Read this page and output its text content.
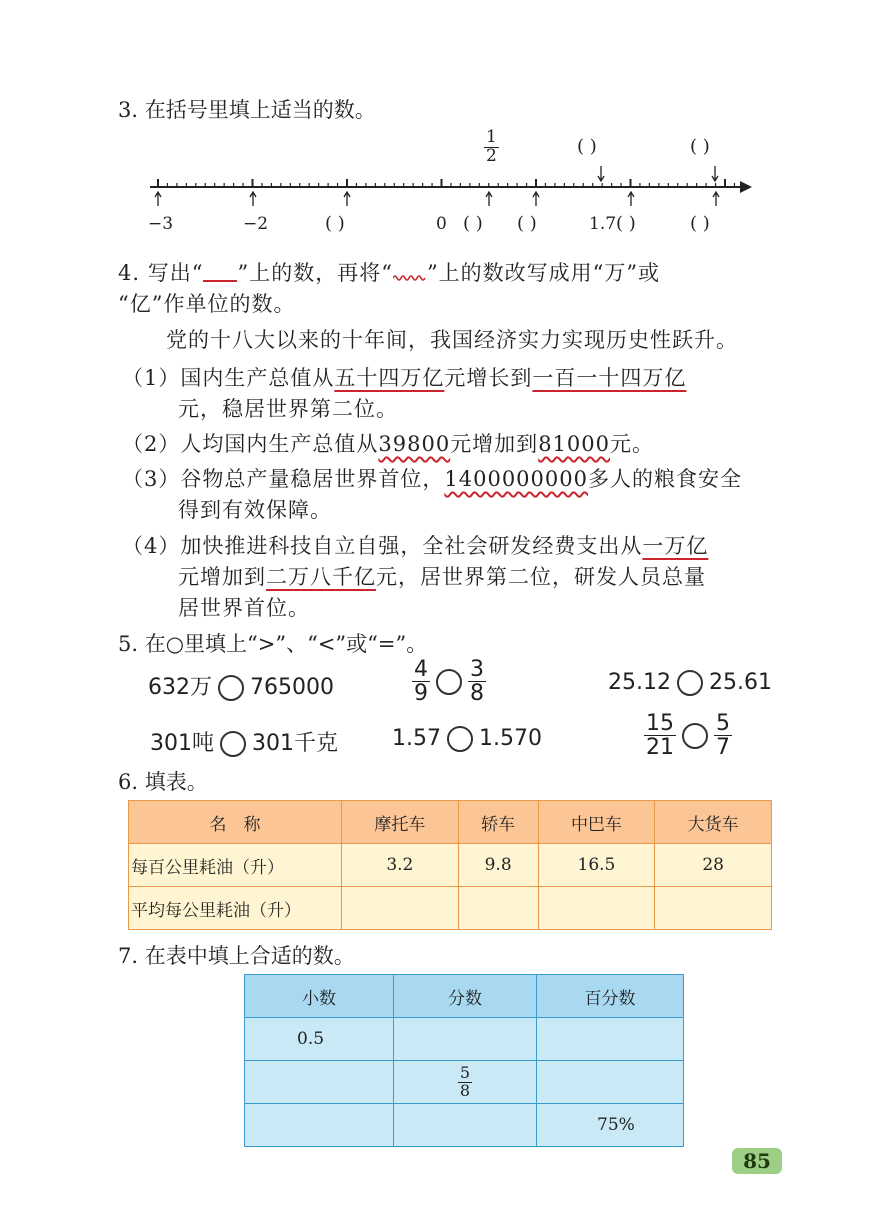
3. 在括号里填上适当的数。
$\frac{1}{2}$	( )	( )
−3	−2	( )	0 ( ) ( )	1.7 ( )	( )
4. 写出“ ”上的数，再将“ ”上的数改写成用“万”或
“亿”作单位的数。
党的十八大以来的十年间，我国经济实力实现历史性跃升。
（1）国内生产总值从五十四万亿元增长到一百一十四万亿
元，稳居世界第二位。
（2）人均国内生产总值从39800元增加到81000元。
（3）谷物总产量稳居世界首位，1400000000多人的粮食安全
得到有效保障。
（4）加快推进科技自立自强，全社会研发经费支出从一万亿
元增加到二万八千亿元，居世界第二位，研发人员总量
居世界首位。
5. 在○里填上“>”、“<”或“=”。
632万 765000	$\frac{4}{9} \frac{3}{8}$	25.12 25.61
301吨 301千克 1.57 1.570	$\frac{15}{21} \frac{5}{7}$
6. 填表。
名　称	摩托车	轿车	中巴车	大货车
每百公里耗油（升）	3.2	9.8	16.5	28
平均每公里耗油（升）				
7. 在表中填上合适的数。
小数	分数	百分数
0.5		

	$\frac{5}{8}$

		75%
85
